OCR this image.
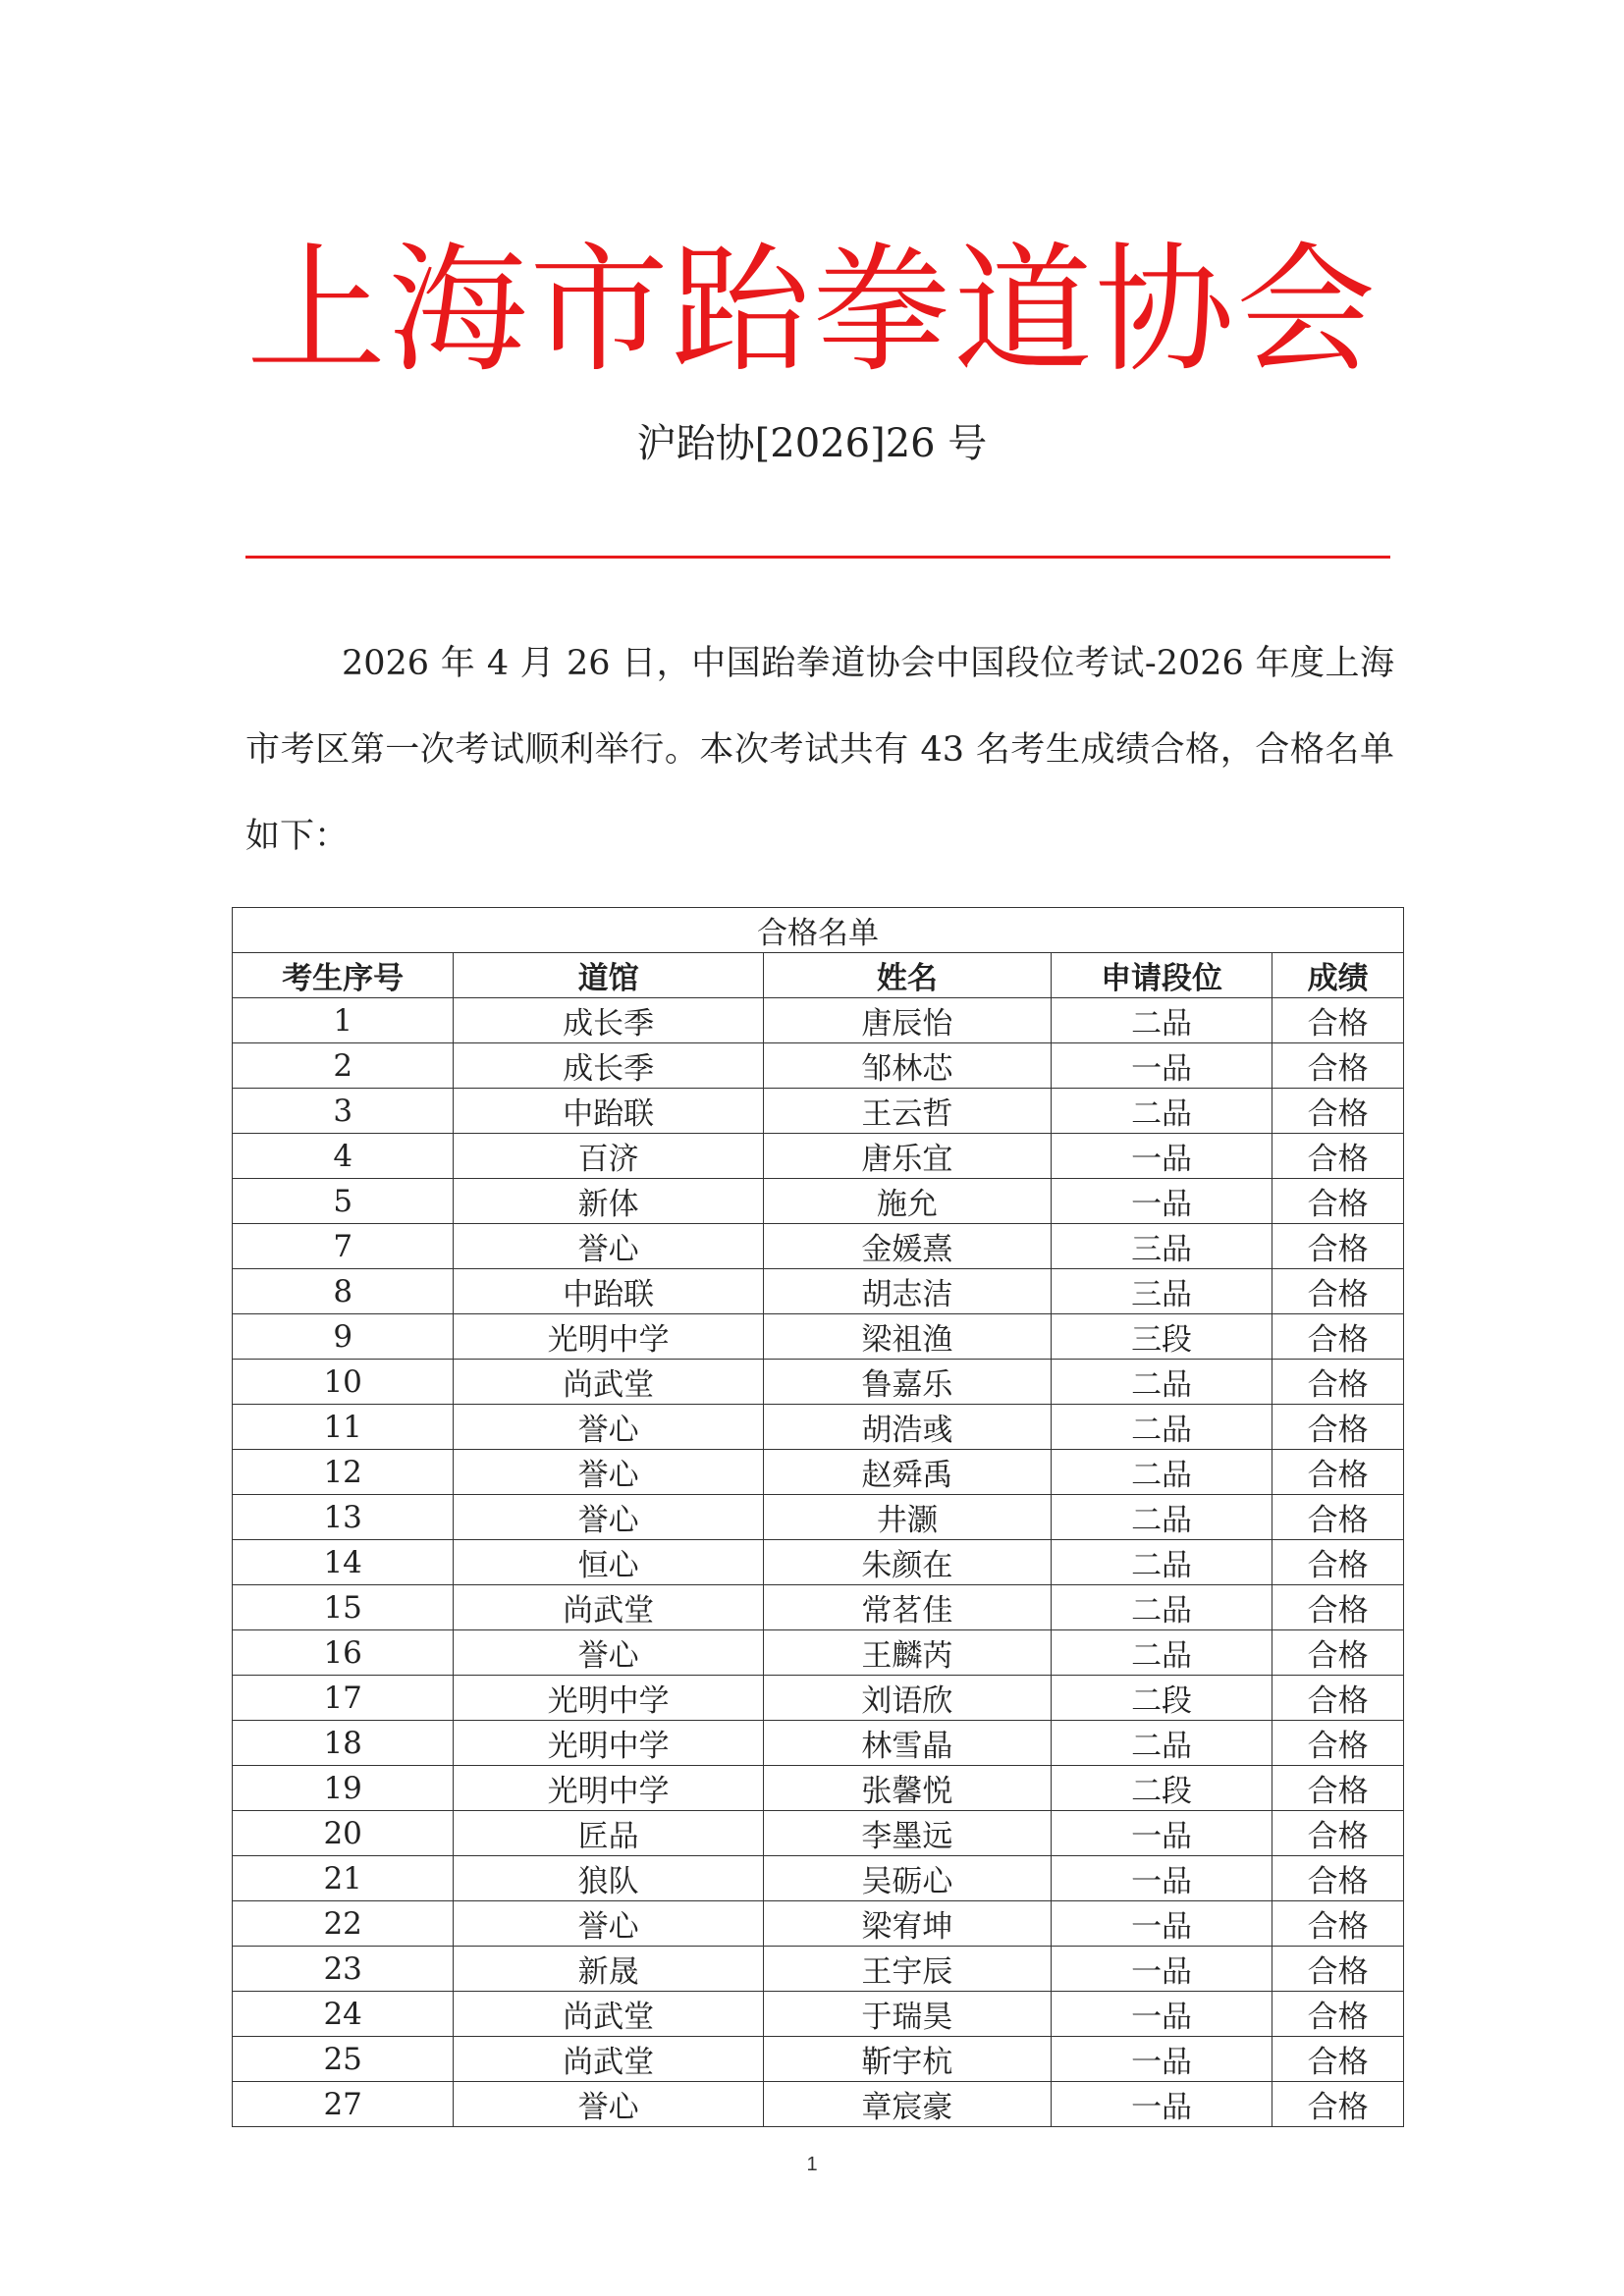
上海市跆拳道协会
沪跆协[2026]26 号
2026 年 4 月 26 日，中国跆拳道协会中国段位考试-2026 年度上海市考区第一次考试顺利举行。本次考试共有 43 名考生成绩合格，合格名单如下：
合格名单				
考生序号	道馆	姓名	申请段位	成绩
1	成长季	唐辰怡	二品	合格
2	成长季	邹林芯	一品	合格
3	中跆联	王云哲	二品	合格
4	百济	唐乐宜	一品	合格
5	新体	施允	一品	合格
7	誉心	金媛熹	三品	合格
8	中跆联	胡志洁	三品	合格
9	光明中学	梁祖渔	三段	合格
10	尚武堂	鲁嘉乐	二品	合格
11	誉心	胡浩彧	二品	合格
12	誉心	赵舜禹	二品	合格
13	誉心	井灏	二品	合格
14	恒心	朱颜在	二品	合格
15	尚武堂	常茗佳	二品	合格
16	誉心	王麟芮	二品	合格
17	光明中学	刘语欣	二段	合格
18	光明中学	林雪晶	二品	合格
19	光明中学	张馨悦	二段	合格
20	匠品	李墨远	一品	合格
21	狼队	吴砺心	一品	合格
22	誉心	梁宥坤	一品	合格
23	新晟	王宇辰	一品	合格
24	尚武堂	于瑞昊	一品	合格
25	尚武堂	靳宇杭	一品	合格
27	誉心	章宸豪	一品	合格
1
